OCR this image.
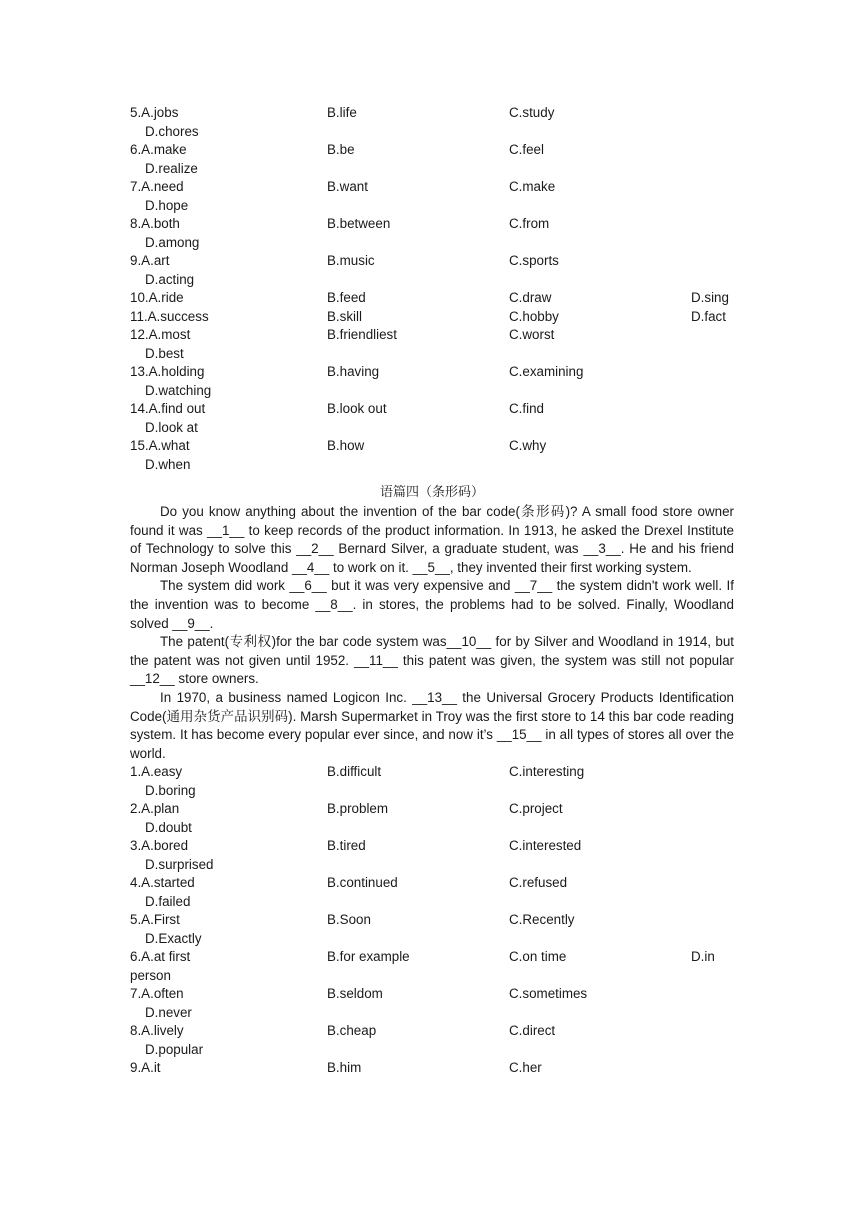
5.A.jobs	B.life	C.study
D.chores
6.A.make	B.be	C.feel
D.realize
7.A.need	B.want	C.make
D.hope
8.A.both	B.between	C.from
D.among
9.A.art	B.music	C.sports
D.acting
10.A.ride	B.feed	C.draw	D.sing
11.A.success	B.skill	C.hobby	D.fact
12.A.most	B.friendliest	C.worst
D.best
13.A.holding	B.having	C.examining
D.watching
14.A.find out	B.look out	C.find
D.look at
15.A.what	B.how	C.why
D.when
语篇四（条形码）

Do you know anything about the invention of the bar code(条形码)? A small food store owner found it was __1__ to keep records of the product information. In 1913, he asked the Drexel Institute of Technology to solve this __2__ Bernard Silver, a graduate student, was __3__. He and his friend Norman Joseph Woodland __4__ to work on it. __5__, they invented their first working system.

The system did work __6__ but it was very expensive and __7__ the system didn't work well. If the invention was to become __8__. in stores, the problems had to be solved. Finally, Woodland solved __9__.

The patent(专利权)for the bar code system was__10__ for by Silver and Woodland in 1914, but the patent was not given until 1952. __11__ this patent was given, the system was still not popular __12__ store owners.

In 1970, a business named Logicon Inc. __13__ the Universal Grocery Products Identification Code(通用杂货产品识别码). Marsh Supermarket in Troy was the first store to 14 this bar code reading system. It has become every popular ever since, and now it’s __15__ in all types of stores all over the world.

1.A.easy	B.difficult	C.interesting
D.boring
2.A.plan	B.problem	C.project
D.doubt
3.A.bored	B.tired	C.interested
D.surprised
4.A.started	B.continued	C.refused
D.failed
5.A.First	B.Soon	C.Recently
D.Exactly
6.A.at first	B.for example	C.on time	D.in
person
7.A.often	B.seldom	C.sometimes
D.never
8.A.lively	B.cheap	C.direct
D.popular
9.A.it	B.him	C.her
